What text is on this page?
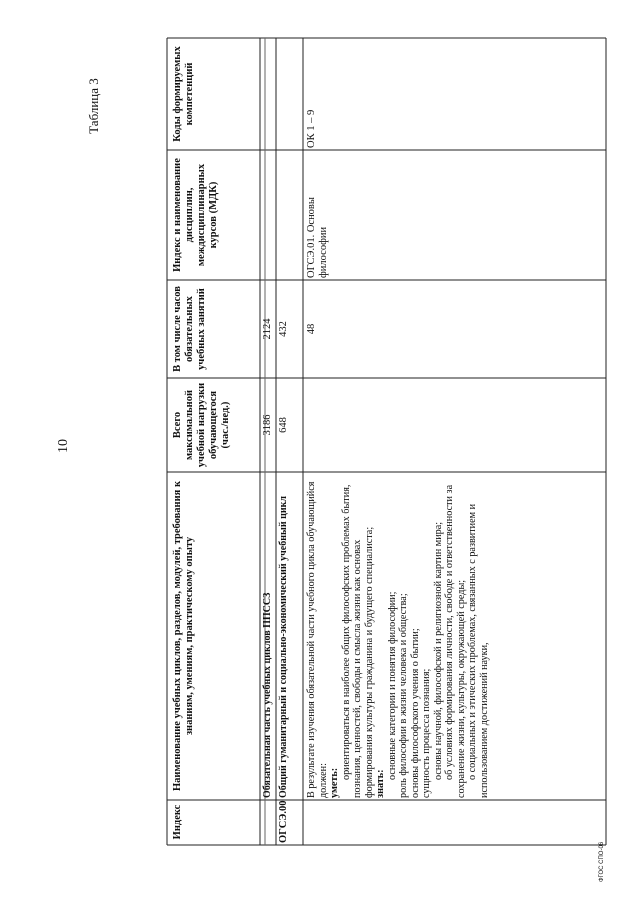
10
Таблица 3
ФГОС СПО-06
Индекс
Наименование учебных циклов, разделов, модулей, требования к знаниям, умениям, практическому опыту
Всего максимальной учебной нагрузки обучающегося (час./нед.)
В том числе часов обязательных учебных занятий
Индекс и наименование дисциплин, междисциплинарных курсов (МДК)
Коды формируемых компетенций
Обязательная часть учебных циклов ППССЗ
3186
2124
ОГСЭ.00
Общий гуманитарный и социально-экономический учебный цикл
648
432
В результате изучения обязательной части учебного цикла обучающийся должен: уметь:
ориентироваться в наиболее общих философских проблемах бытия, познания, ценностей, свободы и смысла жизни как основах формирования культуры гражданина и будущего специалиста; знать:
основные категории и понятия философии; роль философии в жизни человека и общества; основы философского учения о бытии; сущность процесса познания; основы научной, философской и религиозной картин мира; об условиях формирования личности, свободе и ответственности за сохранение жизни, культуры, окружающей среды; о социальных и этических проблемах, связанных с развитием и использованием достижений науки,
48
ОГСЭ.01. Основы философии
ОК 1 – 9
